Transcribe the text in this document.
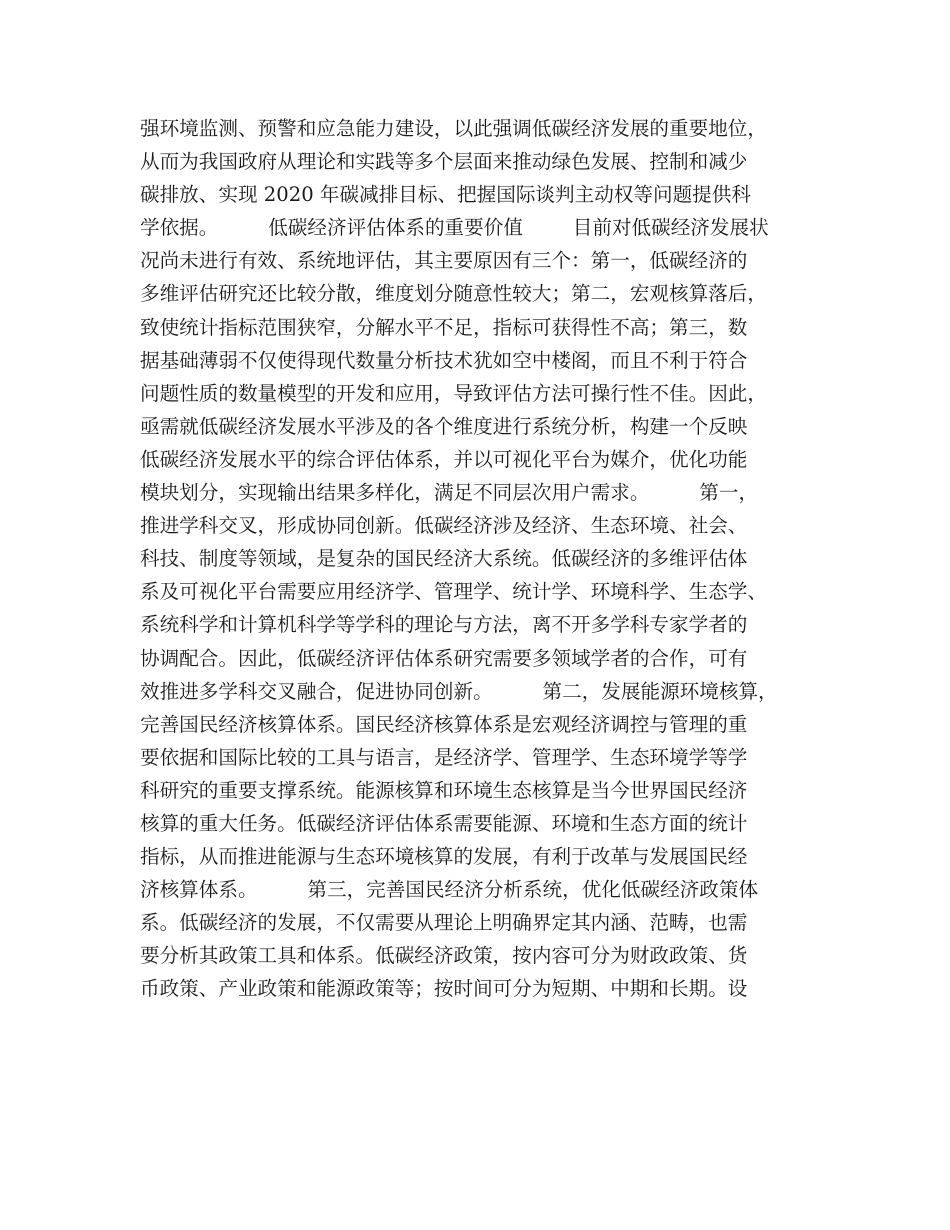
强环境监测、预警和应急能力建设，以此强调低碳经济发展的重要地位，
从而为我国政府从理论和实践等多个层面来推动绿色发展、控制和减少
碳排放、实现 2020 年碳减排目标、把握国际谈判主动权等问题提供科
学依据。        低碳经济评估体系的重要价值        目前对低碳经济发展状
况尚未进行有效、系统地评估，其主要原因有三个：第一，低碳经济的
多维评估研究还比较分散，维度划分随意性较大；第二，宏观核算落后，
致使统计指标范围狭窄，分解水平不足，指标可获得性不高；第三，数
据基础薄弱不仅使得现代数量分析技术犹如空中楼阁，而且不利于符合
问题性质的数量模型的开发和应用，导致评估方法可操行性不佳。因此，
亟需就低碳经济发展水平涉及的各个维度进行系统分析，构建一个反映
低碳经济发展水平的综合评估体系，并以可视化平台为媒介，优化功能
模块划分，实现输出结果多样化，满足不同层次用户需求。        第一，
推进学科交叉，形成协同创新。低碳经济涉及经济、生态环境、社会、
科技、制度等领域，是复杂的国民经济大系统。低碳经济的多维评估体
系及可视化平台需要应用经济学、管理学、统计学、环境科学、生态学、
系统科学和计算机科学等学科的理论与方法，离不开多学科专家学者的
协调配合。因此，低碳经济评估体系研究需要多领域学者的合作，可有
效推进多学科交叉融合，促进协同创新。        第二，发展能源环境核算，
完善国民经济核算体系。国民经济核算体系是宏观经济调控与管理的重
要依据和国际比较的工具与语言，是经济学、管理学、生态环境学等学
科研究的重要支撑系统。能源核算和环境生态核算是当今世界国民经济
核算的重大任务。低碳经济评估体系需要能源、环境和生态方面的统计
指标，从而推进能源与生态环境核算的发展，有利于改革与发展国民经
济核算体系。        第三，完善国民经济分析系统，优化低碳经济政策体
系。低碳经济的发展，不仅需要从理论上明确界定其内涵、范畴，也需
要分析其政策工具和体系。低碳经济政策，按内容可分为财政政策、货
币政策、产业政策和能源政策等；按时间可分为短期、中期和长期。设
